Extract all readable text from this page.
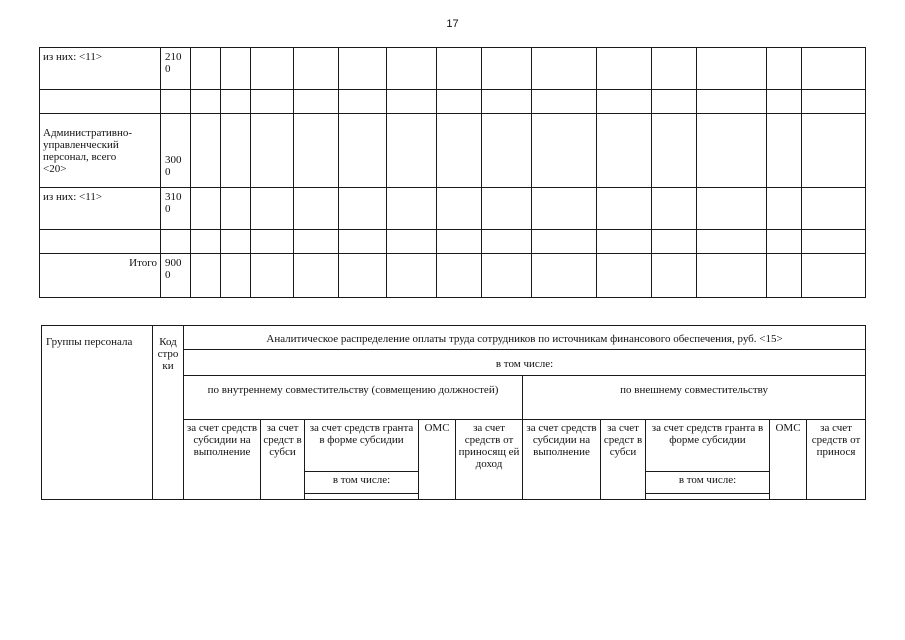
17
из них: <11>	210
0														

Административно-
управленческий
персонал, всего
<20>	300
0														
из них: <11>	310
0														

Итого	900
0														
Группы персонала	Код
стро
ки	Аналитическое распределение оплаты труда сотрудников по источникам финансового обеспечения, руб. <15>									
		в том числе:									
		по внутреннему совместительству (совмещению должностей)					по внешнему совместительству				
		за счет средств субсидии на выполнение	за счет средст в субси	за счет средств гранта в форме субсидии	ОМС	за счет средств от приносящ ей доход	за счет средств субсидии на выполнение	за счет средст в субси	за счет средств гранта в форме субсидии	ОМС	за счет средств от принося
				в том числе:					в том числе:		
